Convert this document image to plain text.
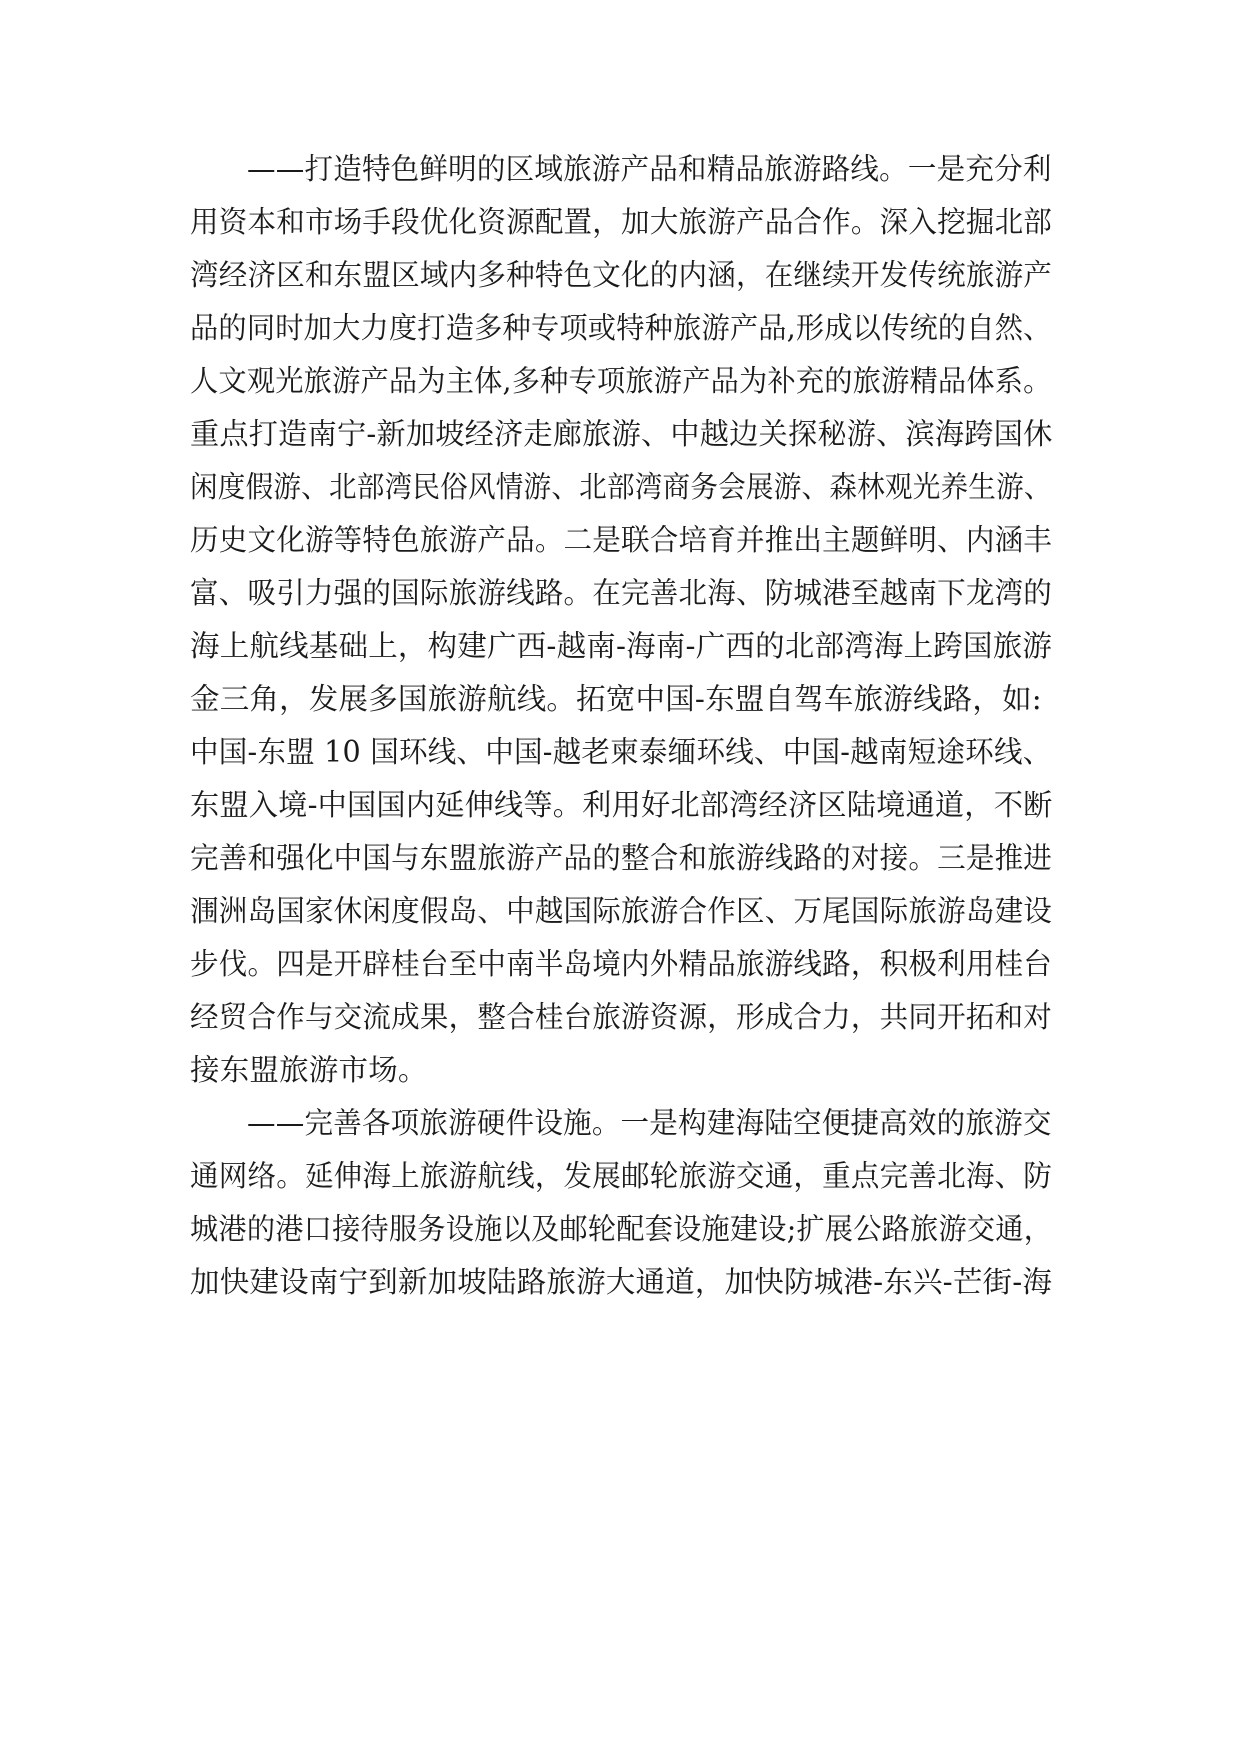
——打造特色鲜明的区域旅游产品和精品旅游路线。一是充分利
用资本和市场手段优化资源配置，加大旅游产品合作。深入挖掘北部
湾经济区和东盟区域内多种特色文化的内涵，在继续开发传统旅游产
品的同时加大力度打造多种专项或特种旅游产品,形成以传统的自然、
人文观光旅游产品为主体,多种专项旅游产品为补充的旅游精品体系。
重点打造南宁-新加坡经济走廊旅游、中越边关探秘游、滨海跨国休
闲度假游、北部湾民俗风情游、北部湾商务会展游、森林观光养生游、
历史文化游等特色旅游产品。二是联合培育并推出主题鲜明、内涵丰
富、吸引力强的国际旅游线路。在完善北海、防城港至越南下龙湾的
海上航线基础上，构建广西-越南-海南-广西的北部湾海上跨国旅游
金三角，发展多国旅游航线。拓宽中国-东盟自驾车旅游线路，如:
中国-东盟 10 国环线、中国-越老柬泰缅环线、中国-越南短途环线、
东盟入境-中国国内延伸线等。利用好北部湾经济区陆境通道，不断
完善和强化中国与东盟旅游产品的整合和旅游线路的对接。三是推进
涠洲岛国家休闲度假岛、中越国际旅游合作区、万尾国际旅游岛建设
步伐。四是开辟桂台至中南半岛境内外精品旅游线路，积极利用桂台
经贸合作与交流成果，整合桂台旅游资源，形成合力，共同开拓和对
接东盟旅游市场。
——完善各项旅游硬件设施。一是构建海陆空便捷高效的旅游交
通网络。延伸海上旅游航线，发展邮轮旅游交通，重点完善北海、防
城港的港口接待服务设施以及邮轮配套设施建设;扩展公路旅游交通，
加快建设南宁到新加坡陆路旅游大通道，加快防城港-东兴-芒街-海
